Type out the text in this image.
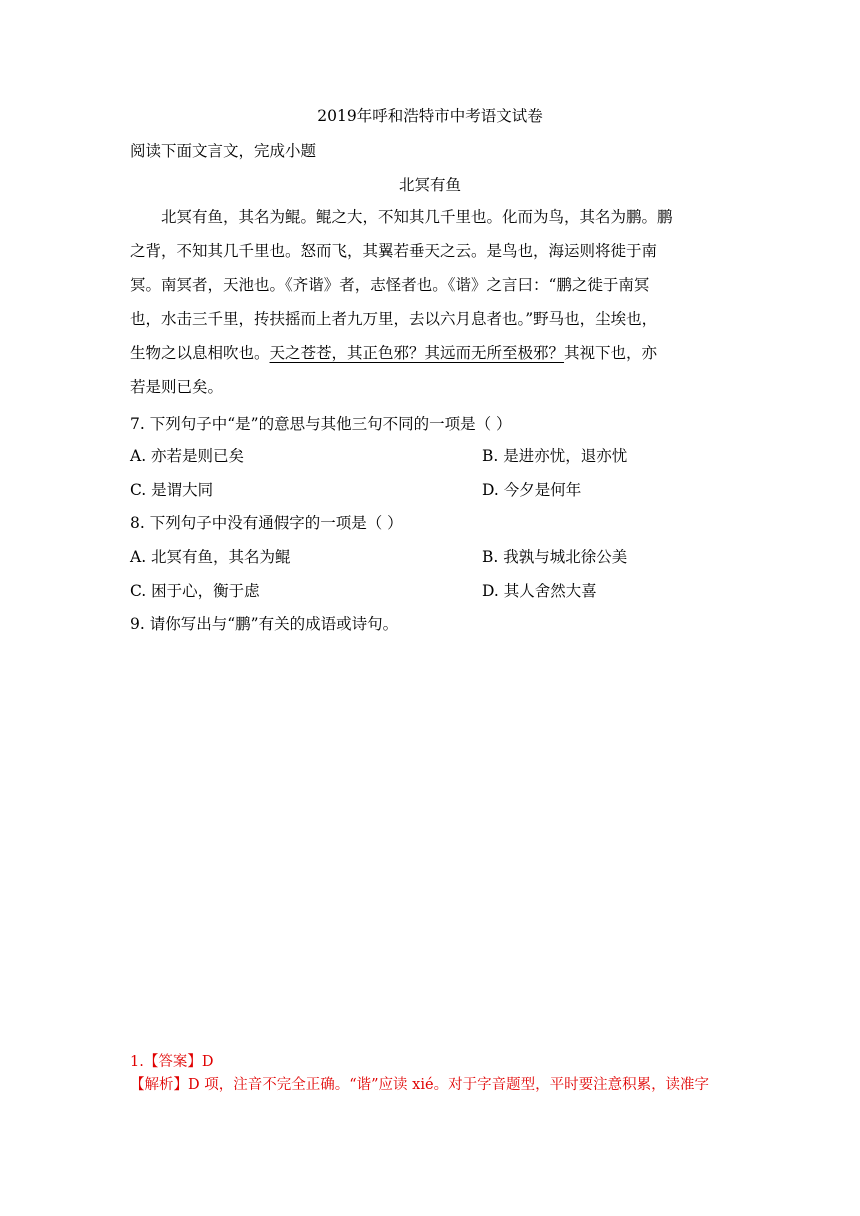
2019年呼和浩特市中考语文试卷
阅读下面文言文，完成小题
北冥有鱼
北冥有鱼，其名为鲲。鲲之大，不知其几千里也。化而为鸟，其名为鹏。鹏
之背，不知其几千里也。怒而飞，其翼若垂天之云。是鸟也，海运则将徙于南
冥。南冥者，天池也。《齐谐》者，志怪者也。《谐》之言曰：“鹏之徙于南冥
也，水击三千里，抟扶摇而上者九万里，去以六月息者也。”野马也，尘埃也，
生物之以息相吹也。天之苍苍，其正色邪？其远而无所至极邪？其视下也，亦
若是则已矣。
7. 下列句子中“是”的意思与其他三句不同的一项是（ ）
A. 亦若是则已矣	B. 是进亦忧，退亦忧
C. 是谓大同	D. 今夕是何年
8. 下列句子中没有通假字的一项是（ ）
A. 北冥有鱼，其名为鲲	B. 我孰与城北徐公美
C. 困于心，衡于虑	D. 其人舍然大喜
9. 请你写出与“鹏”有关的成语或诗句。
1.【答案】D
【解析】D 项，注音不完全正确。“谐”应读 xié。对于字音题型，平时要注意积累，读准字
